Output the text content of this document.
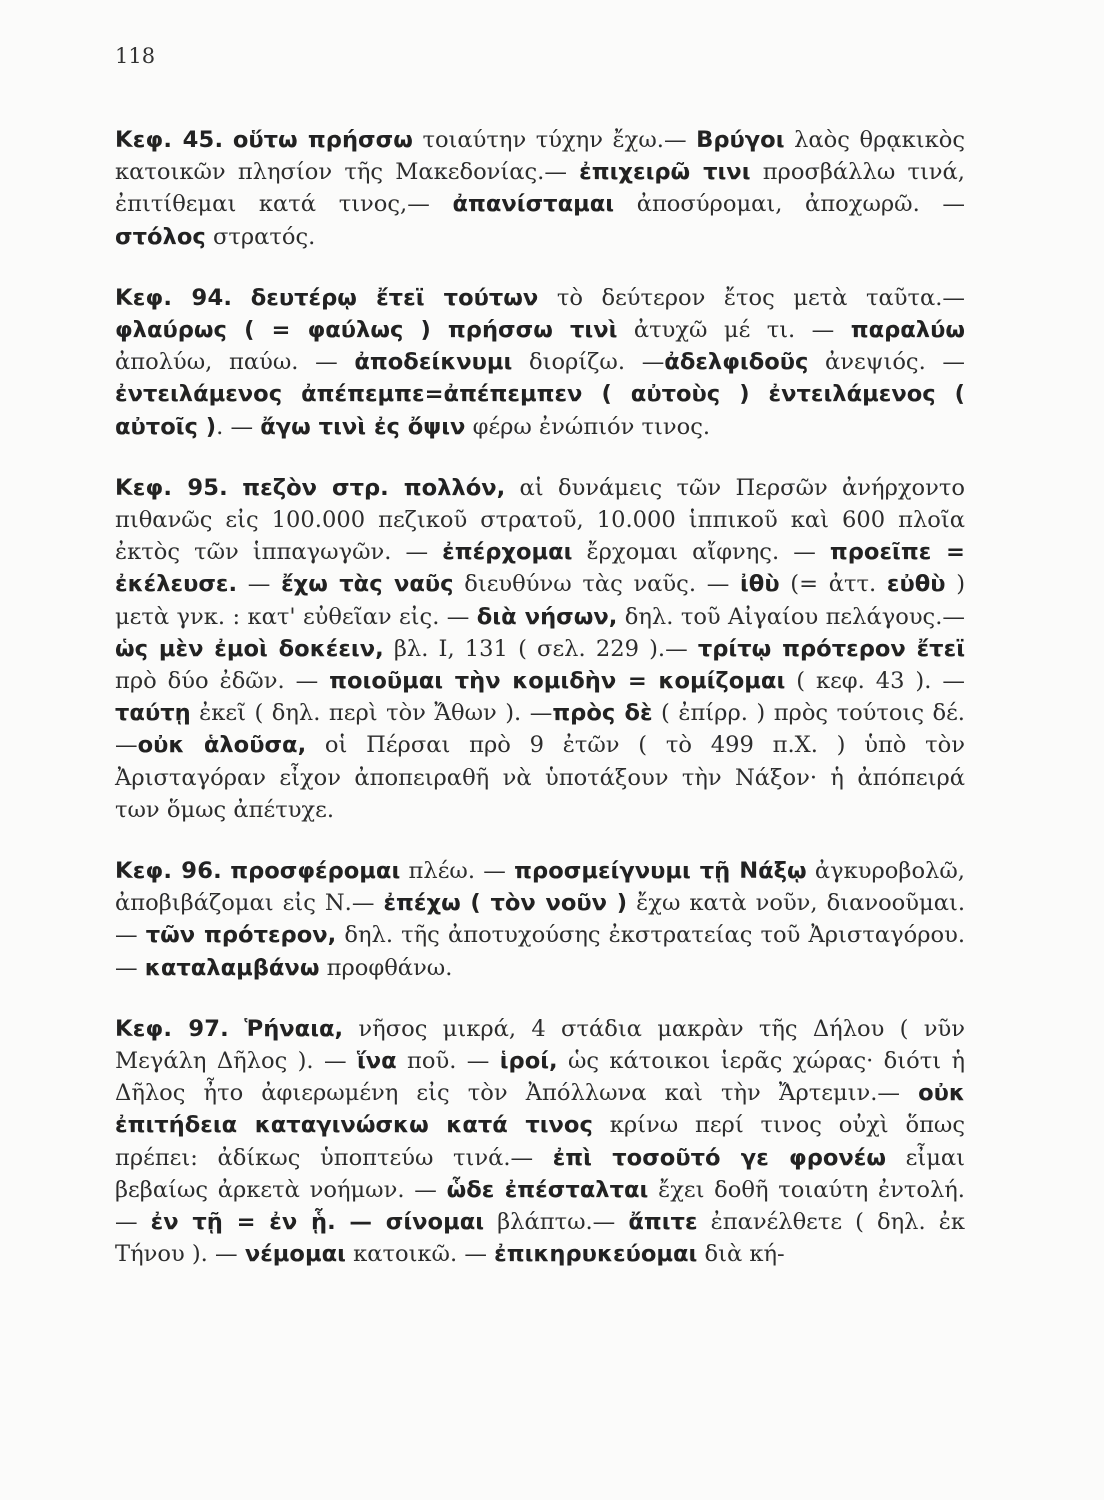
118

Κεφ. 45. οὕτω πρήσσω τοιαύτην τύχην ἔχω.— Βρύγοι λαὸς θρᾳκικὸς κατοικῶν πλησίον τῆς Μακεδονίας.— ἐπιχειρῶ τινι προσβάλλω τινά, ἐπιτίθεμαι κατά τινος,— ἀπανίσταμαι ἀποσύρομαι, ἀποχωρῶ. — στόλος στρατός.

Κεφ. 94. δευτέρῳ ἔτεϊ τούτων τὸ δεύτερον ἔτος μετὰ ταῦτα.— φλαύρως ( = φαύλως ) πρήσσω τινὶ ἀτυχῶ μέ τι. — παραλύω ἀπολύω, παύω. — ἀποδείκνυμι διορίζω. —ἀδελφιδοῦς ἀνεψιός. — ἐντειλάμενος ἀπέπεμπε=ἀπέπεμπεν ( αὐτοὺς ) ἐντειλάμενος ( αὐτοῖς ). — ἄγω τινὶ ἐς ὄψιν φέρω ἐνώπιόν τινος.

Κεφ. 95. πεζὸν στρ. πολλόν, αἱ δυνάμεις τῶν Περσῶν ἀνήρχοντο πιθανῶς εἰς 100.000 πεζικοῦ στρατοῦ, 10.000 ἱππικοῦ καὶ 600 πλοῖα ἐκτὸς τῶν ἱππαγωγῶν. — ἐπέρχομαι ἔρχομαι αἴφνης. — προεῖπε = ἐκέλευσε. — ἔχω τὰς ναῦς διευθύνω τὰς ναῦς. — ἰθὺ (= ἀττ. εὐθὺ ) μετὰ γνκ. : κατ' εὐθεῖαν εἰς. — διὰ νήσων, δηλ. τοῦ Αἰγαίου πελάγους.— ὡς μὲν ἐμοὶ δοκέειν, βλ. I, 131 ( σελ. 229 ).— τρίτῳ πρότερον ἔτεϊ πρὸ δύο ἐδῶν. — ποιοῦμαι τὴν κομιδὴν = κομίζομαι ( κεφ. 43 ). — ταύτῃ ἐκεῖ ( δηλ. περὶ τὸν Ἄθων ). —πρὸς δὲ ( ἐπίρρ. ) πρὸς τούτοις δέ.—οὐκ ἁλοῦσα, οἱ Πέρσαι πρὸ 9 ἐτῶν ( τὸ 499 π.Χ. ) ὑπὸ τὸν Ἀρισταγόραν εἶχον ἀποπειραθῆ νὰ ὑποτάξουν τὴν Νάξον· ἡ ἀπόπειρά των ὅμως ἀπέτυχε.

Κεφ. 96. προσφέρομαι πλέω. — προσμείγνυμι τῇ Νάξῳ ἀγκυροβολῶ, ἀποβιβάζομαι εἰς Ν.— ἐπέχω ( τὸν νοῦν ) ἔχω κατὰ νοῦν, διανοοῦμαι. — τῶν πρότερον, δηλ. τῆς ἀποτυχούσης ἐκστρατείας τοῦ Ἀρισταγόρου. — καταλαμβάνω προφθάνω.

Κεφ. 97. Ῥήναια, νῆσος μικρά, 4 στάδια μακρὰν τῆς Δήλου ( νῦν Μεγάλη Δῆλος ). — ἵνα ποῦ. — ἱροί, ὡς κάτοικοι ἱερᾶς χώρας· διότι ἡ Δῆλος ἦτο ἀφιερωμένη εἰς τὸν Ἀπόλλωνα καὶ τὴν Ἄρτεμιν.— οὐκ ἐπιτήδεια καταγινώσκω κατά τινος κρίνω περί τινος οὐχὶ ὅπως πρέπει: ἀδίκως ὑποπτεύω τινά.— ἐπὶ τοσοῦτό γε φρονέω εἶμαι βεβαίως ἀρκετὰ νοήμων. — ὧδε ἐπέσταλται ἔχει δοθῆ τοιαύτη ἐντολή. — ἐν τῇ = ἐν ᾗ. — σίνομαι βλάπτω.— ἄπιτε ἐπανέλθετε ( δηλ. ἐκ Τήνου ). — νέμομαι κατοικῶ. — ἐπικηρυκεύομαι διὰ κή-
